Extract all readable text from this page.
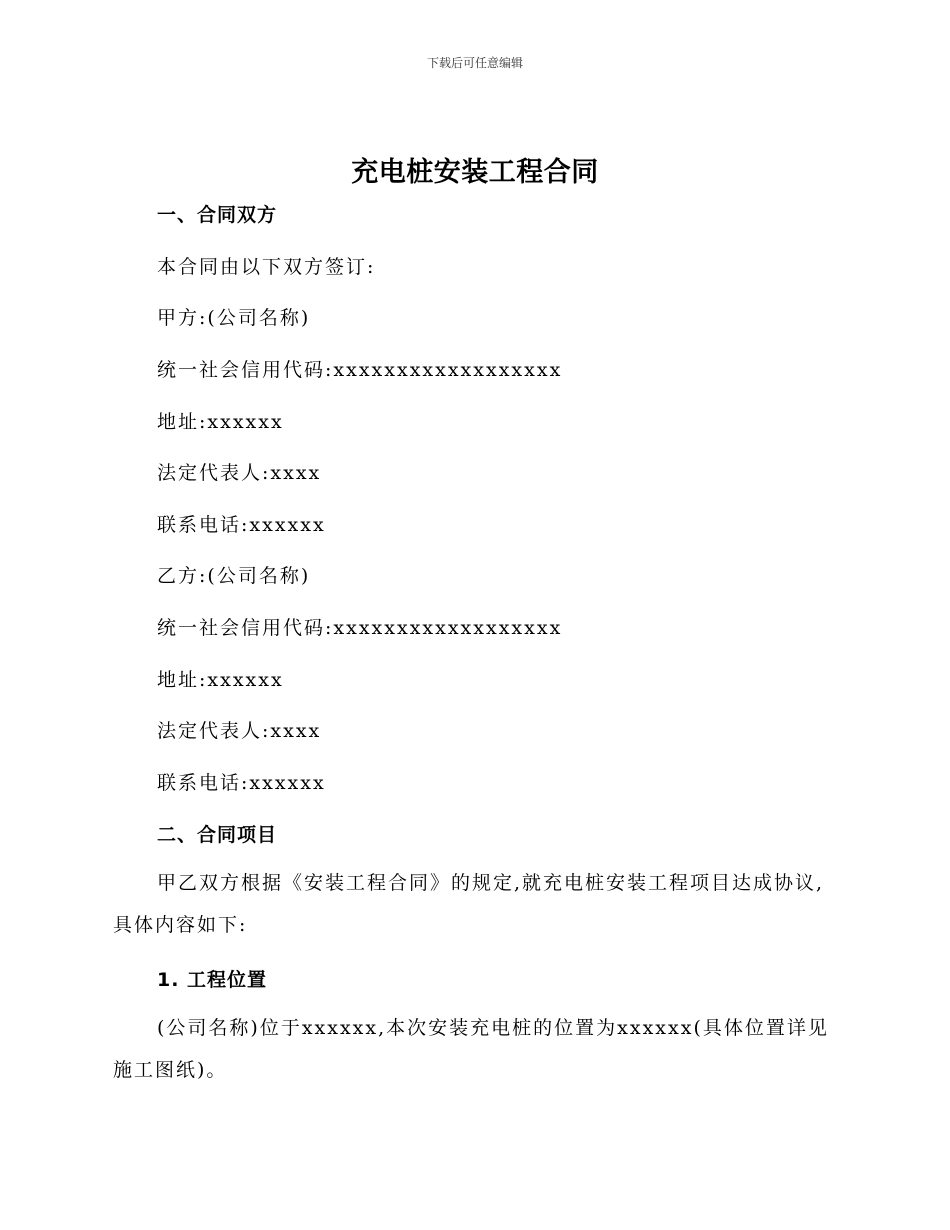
下载后可任意编辑
充电桩安装工程合同
一、合同双方
本合同由以下双方签订:
甲方:(公司名称)
统一社会信用代码:xxxxxxxxxxxxxxxxxx
地址:xxxxxx
法定代表人:xxxx
联系电话:xxxxxx
乙方:(公司名称)
统一社会信用代码:xxxxxxxxxxxxxxxxxx
地址:xxxxxx
法定代表人:xxxx
联系电话:xxxxxx
二、合同项目
甲乙双方根据《安装工程合同》的规定,就充电桩安装工程项目达成协议,具体内容如下:
1. 工程位置
(公司名称)位于xxxxxx,本次安装充电桩的位置为xxxxxx(具体位置详见施工图纸)。
